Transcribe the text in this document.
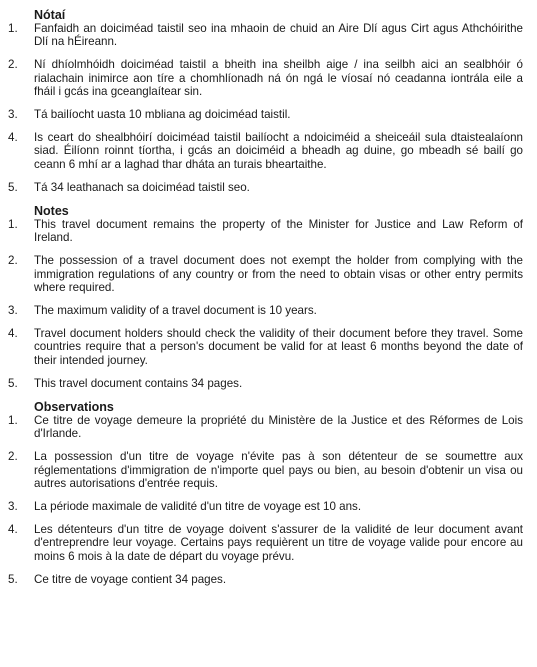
Nótaí
1.	Fanfaidh an doiciméad taistil seo ina mhaoin de chuid an Aire Dlí agus Cirt agus Athchóirithe Dlí na hÉireann.
2.	Ní dhíolmhóidh doiciméad taistil a bheith ina sheilbh aige / ina seilbh aici an sealbhóir ó rialachain inimirce aon tíre a chomhlíonadh ná ón ngá le víosaí nó ceadanna iontrála eile a fháil i gcás ina gceanglaítear sin.
3.	Tá bailíocht uasta 10 mbliana ag doiciméad taistil.
4.	Is ceart do shealbhóirí doiciméad taistil bailíocht a ndoiciméid a sheiceáil sula dtaistealaíonn siad. Éilíonn roinnt tíortha, i gcás an doiciméid a bheadh ag duine, go mbeadh sé bailí go ceann 6 mhí ar a laghad thar dháta an turais bheartaithe.
5.	Tá 34 leathanach sa doiciméad taistil seo.
Notes
1.	This travel document remains the property of the Minister for Justice and Law Reform of Ireland.
2.	The possession of a travel document does not exempt the holder from complying with the immigration regulations of any country or from the need to obtain visas or other entry permits where required.
3.	The maximum validity of a travel document is 10 years.
4.	Travel document holders should check the validity of their document before they travel. Some countries require that a person's document be valid for at least 6 months beyond the date of their intended journey.
5.	This travel document contains 34 pages.
Observations
1.	Ce titre de voyage demeure la propriété du Ministère de la Justice et des Réformes de Lois d'Irlande.
2.	La possession d'un titre de voyage n'évite pas à son détenteur de se soumettre aux réglementations d'immigration de n'importe quel pays ou bien, au besoin d'obtenir un visa ou autres autorisations d'entrée requis.
3.	La période maximale de validité d'un titre de voyage est 10 ans.
4.	Les détenteurs d'un titre de voyage doivent s'assurer de la validité de leur document avant d'entreprendre leur voyage. Certains pays requièrent un titre de voyage valide pour encore au moins 6 mois à la date de départ du voyage prévu.
5.	Ce titre de voyage contient 34 pages.
